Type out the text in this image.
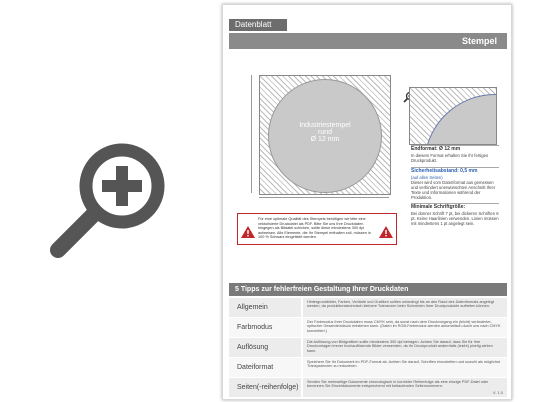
Datenblatt
Stempel
Industriestempel
rund
Ø 12 mm
Endformat: Ø 12 mm
In diesem Format erhalten Sie Ihr fertiges Druckprodukt.
Sicherheitsabstand: 0,5 mm
(auf allen Seiten)
Dieser wird vom Datenformat aus gemessen und verhindert unerwünschten Anschnitt Ihrer Texte und Informationen während der Produktion.
Minimale Schriftgröße:
Bei dünner Schrift 7 pt, bei dickeren Schriften 6 pt. Keine Haarlinien verwenden. Linien müssen mit mindestens 1 pt angelegt sein.
Für eine optimale Qualität des Stempels benötigen wir bitte eine vektorisierte Druckdatei als PDF. Bitte Sie uns Ihre Druckdaten hingegen als Bitdatei schicken, sollte diese mindestens 300 dpi aufweisen. Alle Elemente, die Ihr Stempel enthalten soll, müssen in 100 % Schwarz eingefärbt werden.
5 Tipps zur fehlerfreien Gestaltung Ihrer Druckdaten
Allgemein
Hintergrundbilder, Farben, Verläufe und Grafiken sollten unbedingt bis an den Rand des Datenformats angelegt werden, da produktionstechnisch kleinere Toleranzen beim Schneiden Ihrer Druckprodukte auftreten können.
Farbmodus
Der Farbmodus Ihrer Druckdaten muss CMYK sein, da sonst nach dem Druckvorgang ein (leicht) veränderter, optischer Gesamteindruck entstehen kann. (Daten im RGB-Farbmodus werden automatisch durch uns nach CMYK konvertiert.)
Auflösung
Die Auflösung von Bildgrafiken sollte mindestens 300 dpi betragen. Achten Sie darauf, dass Sie für Ihre Druckvorlagen immer hochauflösende Bilder verwenden, da Ihr Druckprodukt andernfalls (leicht) pixelig wirken kann.
Dateiformat
Speichern Sie Ihr Dokument im PDF-Format ab. Achten Sie darauf, Schriften einzubetten und sowohl als möglichst Transparenzen zu reduzieren.
Seiten(-reihenfolge)
Senden Sie mehrseitige Dokumente chronologisch in korrekter Reihenfolge als eine einzige PDF-Datei oder benennen Sie Einzeldokumente entsprechend mit fortlaufenden Seitennummern.
V. 1.0
